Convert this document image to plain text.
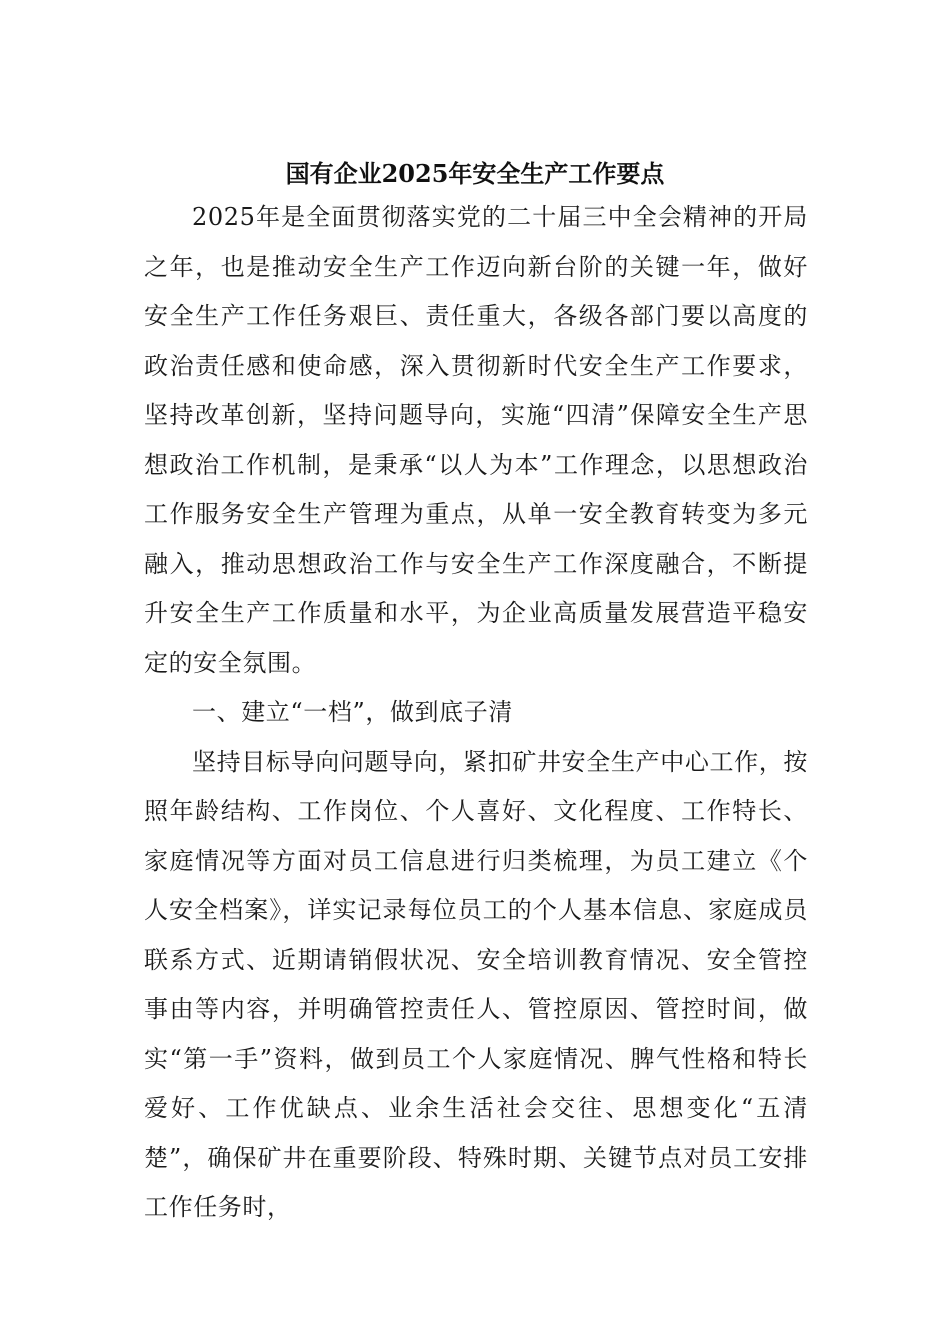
国有企业2025年安全生产工作要点

2025年是全面贯彻落实党的二十届三中全会精神的开局之年，也是推动安全生产工作迈向新台阶的关键一年，做好安全生产工作任务艰巨、责任重大，各级各部门要以高度的政治责任感和使命感，深入贯彻新时代安全生产工作要求，坚持改革创新，坚持问题导向，实施“四清”保障安全生产思想政治工作机制，是秉承“以人为本”工作理念，以思想政治工作服务安全生产管理为重点，从单一安全教育转变为多元融入，推动思想政治工作与安全生产工作深度融合，不断提升安全生产工作质量和水平，为企业高质量发展营造平稳安定的安全氛围。

一、建立“一档”，做到底子清

坚持目标导向问题导向，紧扣矿井安全生产中心工作，按照年龄结构、工作岗位、个人喜好、文化程度、工作特长、家庭情况等方面对员工信息进行归类梳理，为员工建立《个人安全档案》，详实记录每位员工的个人基本信息、家庭成员联系方式、近期请销假状况、安全培训教育情况、安全管控事由等内容，并明确管控责任人、管控原因、管控时间，做实“第一手”资料，做到员工个人家庭情况、脾气性格和特长爱好、工作优缺点、业余生活社会交往、思想变化“五清楚”，确保矿井在重要阶段、特殊时期、关键节点对员工安排工作任务时，
